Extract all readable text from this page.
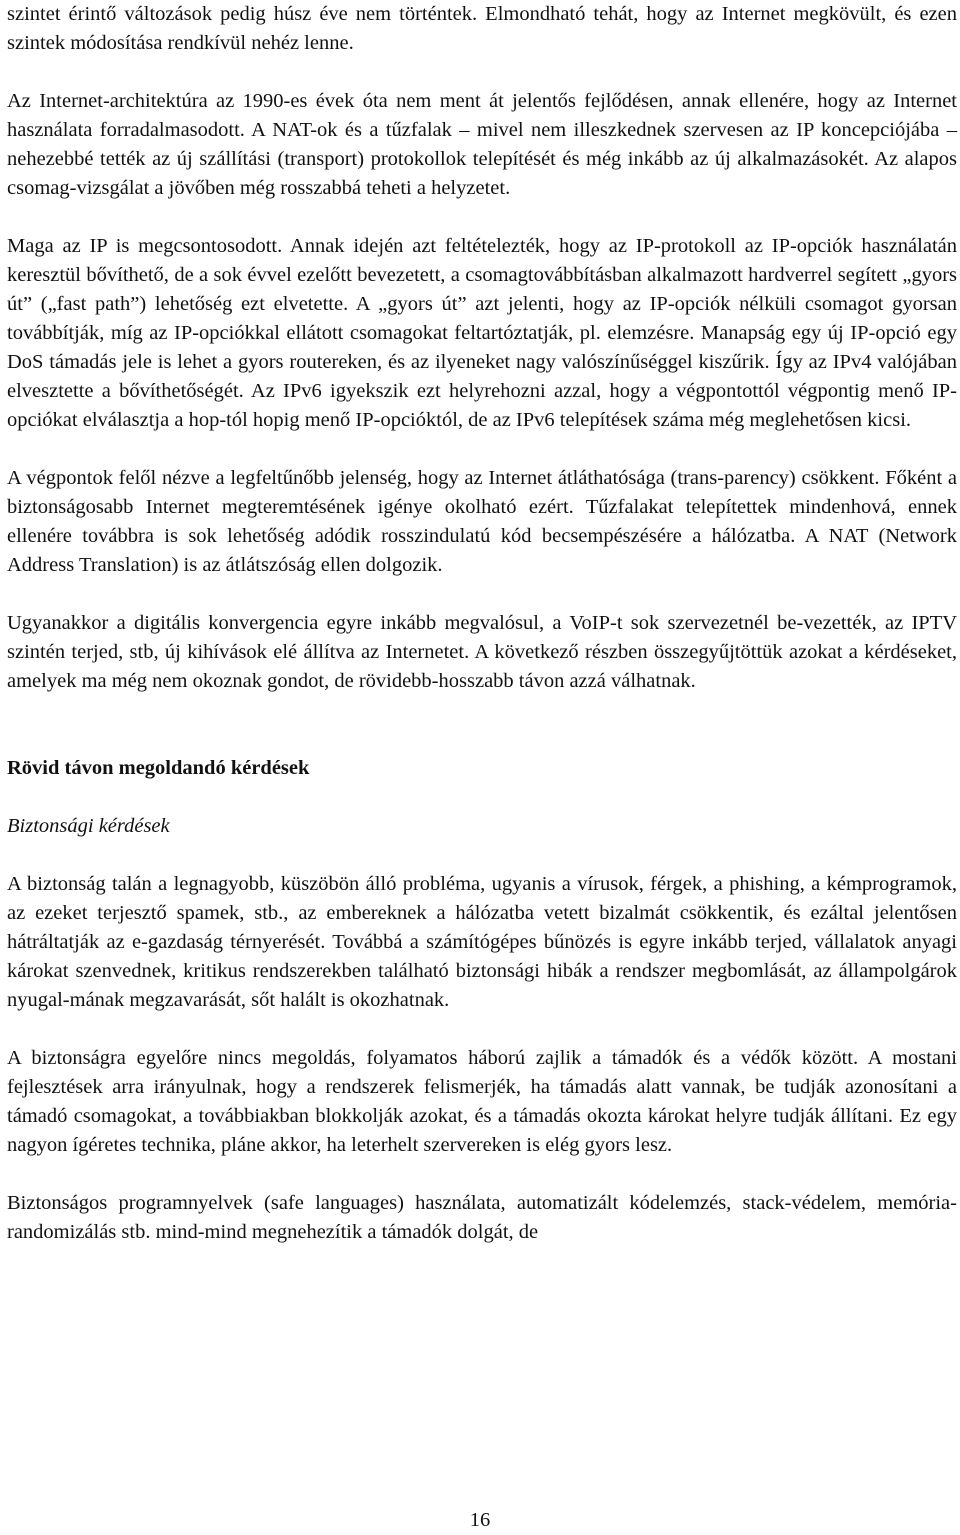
szintet érintő változások pedig húsz éve nem történtek. Elmondható tehát, hogy az Internet megkövült, és ezen szintek módosítása rendkívül nehéz lenne.

Az Internet-architektúra az 1990-es évek óta nem ment át jelentős fejlődésen, annak ellenére, hogy az Internet használata forradalmasodott. A NAT-ok és a tűzfalak – mivel nem illeszkednek szervesen az IP koncepciójába – nehezebbé tették az új szállítási (transport) protokollok telepítését és még inkább az új alkalmazásokét. Az alapos csomag-vizsgálat a jövőben még rosszabbá teheti a helyzetet.

Maga az IP is megcsontosodott. Annak idején azt feltételezték, hogy az IP-protokoll az IP-opciók használatán keresztül bővíthető, de a sok évvel ezelőtt bevezetett, a csomagtovábbításban alkalmazott hardverrel segített „gyors út” („fast path”) lehetőség ezt elvetette. A „gyors út” azt jelenti, hogy az IP-opciók nélküli csomagot gyorsan továbbítják, míg az IP-opciókkal ellátott csomagokat feltartóztatják, pl. elemzésre. Manapság egy új IP-opció egy DoS támadás jele is lehet a gyors routereken, és az ilyeneket nagy valószínűséggel kiszűrik. Így az IPv4 valójában elvesztette a bővíthetőségét. Az IPv6 igyekszik ezt helyrehozni azzal, hogy a végpontottól végpontig menő IP-opciókat elválasztja a hop-tól hopig menő IP-opcióktól, de az IPv6 telepítések száma még meglehetősen kicsi.

A végpontok felől nézve a legfeltűnőbb jelenség, hogy az Internet átláthatósága (trans-parency) csökkent. Főként a biztonságosabb Internet megteremtésének igénye okolható ezért. Tűzfalakat telepítettek mindenhová, ennek ellenére továbbra is sok lehetőség adódik rosszindulatú kód becsempészésére a hálózatba. A NAT (Network Address Translation) is az átlátszóság ellen dolgozik.

Ugyanakkor a digitális konvergencia egyre inkább megvalósul, a VoIP-t sok szervezetnél be-vezették, az IPTV szintén terjed, stb, új kihívások elé állítva az Internetet. A következő részben összegyűjtöttük azokat a kérdéseket, amelyek ma még nem okoznak gondot, de rövidebb-hosszabb távon azzá válhatnak.

Rövid távon megoldandó kérdések

Biztonsági kérdések

A biztonság talán a legnagyobb, küszöbön álló probléma, ugyanis a vírusok, férgek, a phishing, a kémprogramok, az ezeket terjesztő spamek, stb., az embereknek a hálózatba vetett bizalmát csökkentik, és ezáltal jelentősen hátráltatják az e-gazdaság térnyerését. Továbbá a számítógépes bűnözés is egyre inkább terjed, vállalatok anyagi károkat szenvednek, kritikus rendszerekben található biztonsági hibák a rendszer megbomlását, az állampolgárok nyugal-mának megzavarását, sőt halált is okozhatnak.

A biztonságra egyelőre nincs megoldás, folyamatos háború zajlik a támadók és a védők között. A mostani fejlesztések arra irányulnak, hogy a rendszerek felismerjék, ha támadás alatt vannak, be tudják azonosítani a támadó csomagokat, a továbbiakban blokkolják azokat, és a támadás okozta károkat helyre tudják állítani. Ez egy nagyon ígéretes technika, pláne akkor, ha leterhelt szervereken is elég gyors lesz.

Biztonságos programnyelvek (safe languages) használata, automatizált kódelemzés, stack-védelem, memória-randomizálás stb. mind-mind megnehezítik a támadók dolgát, de

16
